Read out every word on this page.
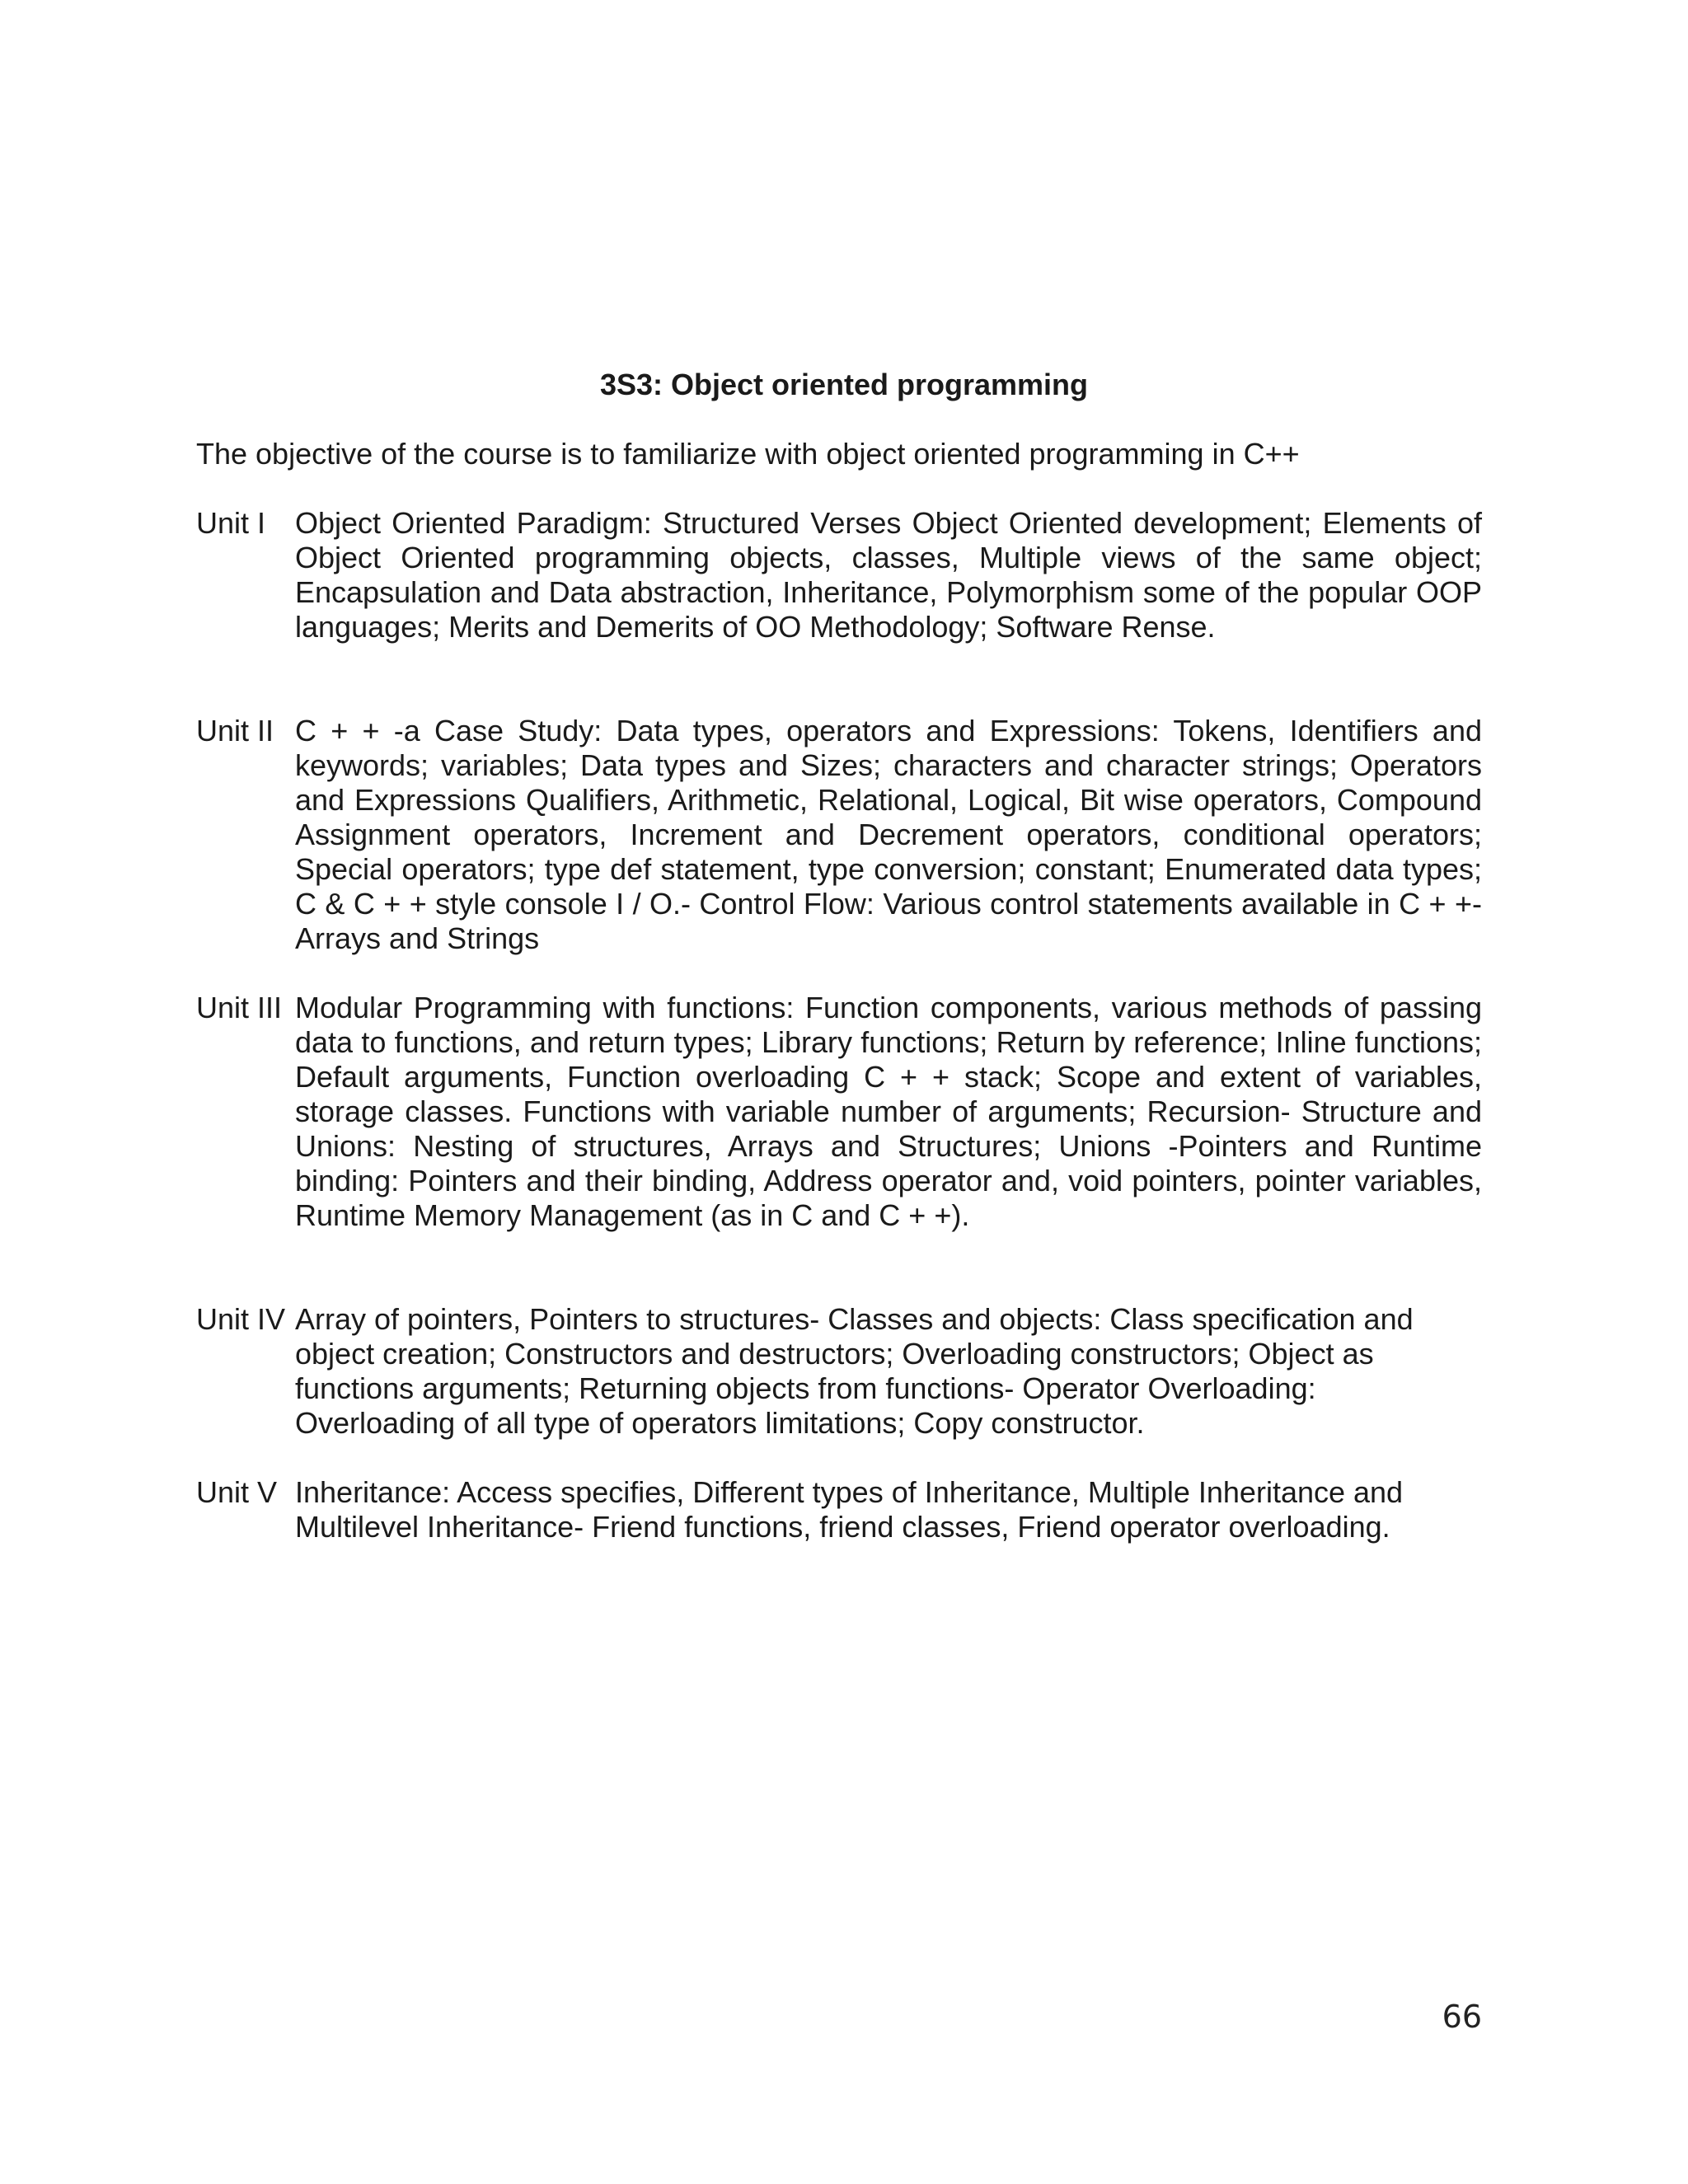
3S3: Object oriented programming

The objective of the course is to familiarize with object oriented programming in C++

Unit I Object Oriented Paradigm: Structured Verses Object Oriented development; Elements of Object Oriented programming objects, classes, Multiple views of the same object; Encapsulation and Data abstraction, Inheritance, Polymorphism some of the popular OOP languages; Merits and Demerits of OO Methodology; Software Rense.
Unit II C + + -a Case Study: Data types, operators and Expressions: Tokens, Identifiers and keywords; variables; Data types and Sizes; characters and character strings; Operators and Expressions Qualifiers, Arithmetic, Relational, Logical, Bit wise operators, Compound Assignment operators, Increment and Decrement operators, conditional operators; Special operators; type def statement, type conversion; constant; Enumerated data types; C & C + + style console I / O.- Control Flow: Various control statements available in C + +- Arrays and Strings
Unit III Modular Programming with functions: Function components, various methods of passing data to functions, and return types; Library functions; Return by reference; Inline functions; Default arguments, Function overloading C + + stack; Scope and extent of variables, storage classes. Functions with variable number of arguments; Recursion- Structure and Unions: Nesting of structures, Arrays and Structures; Unions -Pointers and Runtime binding: Pointers and their binding, Address operator and, void pointers, pointer variables, Runtime Memory Management (as in C and C + +).
Unit IV Array of pointers, Pointers to structures- Classes and objects: Class specification and object creation; Constructors and destructors; Overloading constructors; Object as functions arguments; Returning objects from functions- Operator Overloading: Overloading of all type of operators limitations; Copy constructor.
Unit V Inheritance: Access specifies, Different types of Inheritance, Multiple Inheritance and Multilevel Inheritance- Friend functions, friend classes, Friend operator overloading.
66
